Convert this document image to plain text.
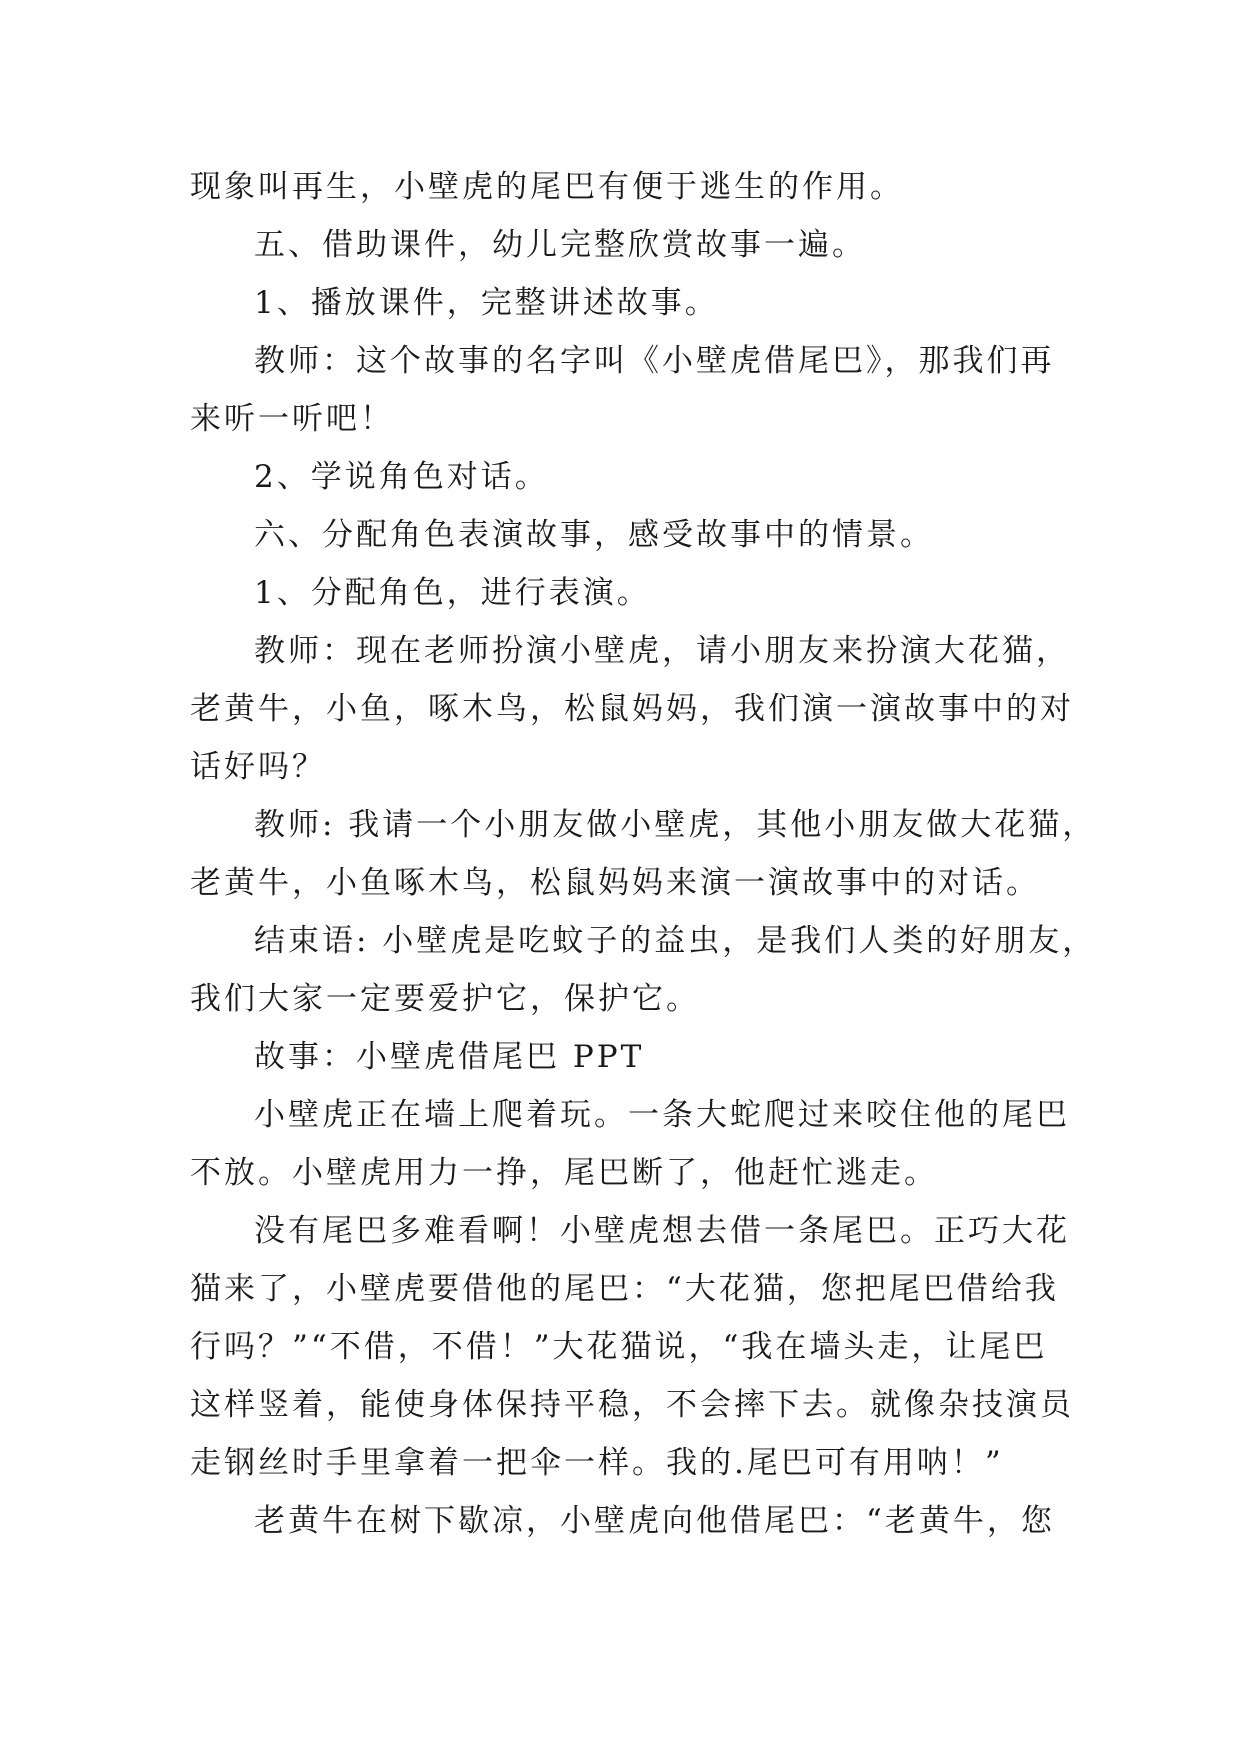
现象叫再生，小壁虎的尾巴有便于逃生的作用。
五、借助课件，幼儿完整欣赏故事一遍。
1、播放课件，完整讲述故事。
教师：这个故事的名字叫《小壁虎借尾巴》，那我们再
来听一听吧！
2、学说角色对话。
六、分配角色表演故事，感受故事中的情景。
1、分配角色，进行表演。
教师：现在老师扮演小壁虎，请小朋友来扮演大花猫，
老黄牛，小鱼，啄木鸟，松鼠妈妈，我们演一演故事中的对
话好吗？
教师: 我请一个小朋友做小壁虎，其他小朋友做大花猫，
老黄牛，小鱼啄木鸟，松鼠妈妈来演一演故事中的对话。
结束语: 小壁虎是吃蚊子的益虫，是我们人类的好朋友，
我们大家一定要爱护它，保护它。
故事：小壁虎借尾巴 PPT
小壁虎正在墙上爬着玩。一条大蛇爬过来咬住他的尾巴
不放。小壁虎用力一挣，尾巴断了，他赶忙逃走。
没有尾巴多难看啊！小壁虎想去借一条尾巴。正巧大花
猫来了，小壁虎要借他的尾巴：“大花猫，您把尾巴借给我
行吗？”“不借，不借！”大花猫说，“我在墙头走，让尾巴
这样竖着，能使身体保持平稳，不会摔下去。就像杂技演员
走钢丝时手里拿着一把伞一样。我的.尾巴可有用呐！”
老黄牛在树下歇凉，小壁虎向他借尾巴：“老黄牛，您
